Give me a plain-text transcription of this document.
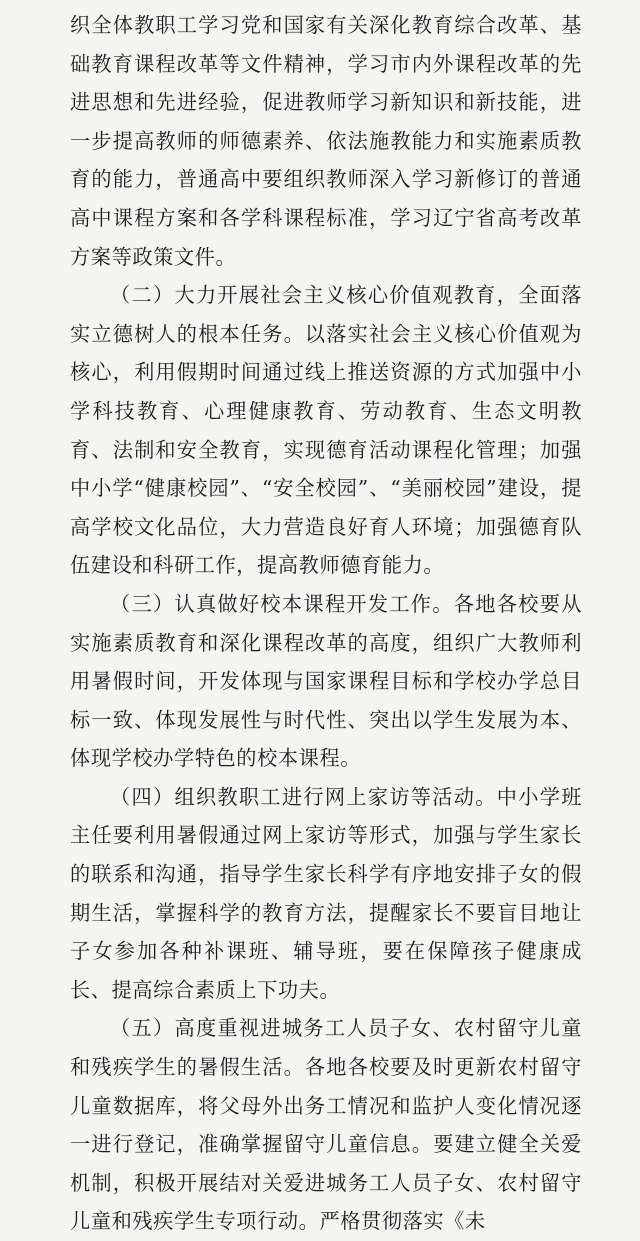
织全体教职工学习党和国家有关深化教育综合改革、基础教育课程改革等文件精神，学习市内外课程改革的先进思想和先进经验，促进教师学习新知识和新技能，进一步提高教师的师德素养、依法施教能力和实施素质教育的能力，普通高中要组织教师深入学习新修订的普通高中课程方案和各学科课程标准，学习辽宁省高考改革方案等政策文件。

（二）大力开展社会主义核心价值观教育，全面落实立德树人的根本任务。以落实社会主义核心价值观为核心，利用假期时间通过线上推送资源的方式加强中小学科技教育、心理健康教育、劳动教育、生态文明教育、法制和安全教育，实现德育活动课程化管理；加强中小学“健康校园”、“安全校园”、“美丽校园”建设，提高学校文化品位，大力营造良好育人环境；加强德育队伍建设和科研工作，提高教师德育能力。

（三）认真做好校本课程开发工作。各地各校要从实施素质教育和深化课程改革的高度，组织广大教师利用暑假时间，开发体现与国家课程目标和学校办学总目标一致、体现发展性与时代性、突出以学生发展为本、体现学校办学特色的校本课程。

（四）组织教职工进行网上家访等活动。中小学班主任要利用暑假通过网上家访等形式，加强与学生家长的联系和沟通，指导学生家长科学有序地安排子女的假期生活，掌握科学的教育方法，提醒家长不要盲目地让子女参加各种补课班、辅导班，要在保障孩子健康成长、提高综合素质上下功夫。

（五）高度重视进城务工人员子女、农村留守儿童和残疾学生的暑假生活。各地各校要及时更新农村留守儿童数据库，将父母外出务工情况和监护人变化情况逐一进行登记，准确掌握留守儿童信息。要建立健全关爱机制，积极开展结对关爱进城务工人员子女、农村留守儿童和残疾学生专项行动。严格贯彻落实《未
